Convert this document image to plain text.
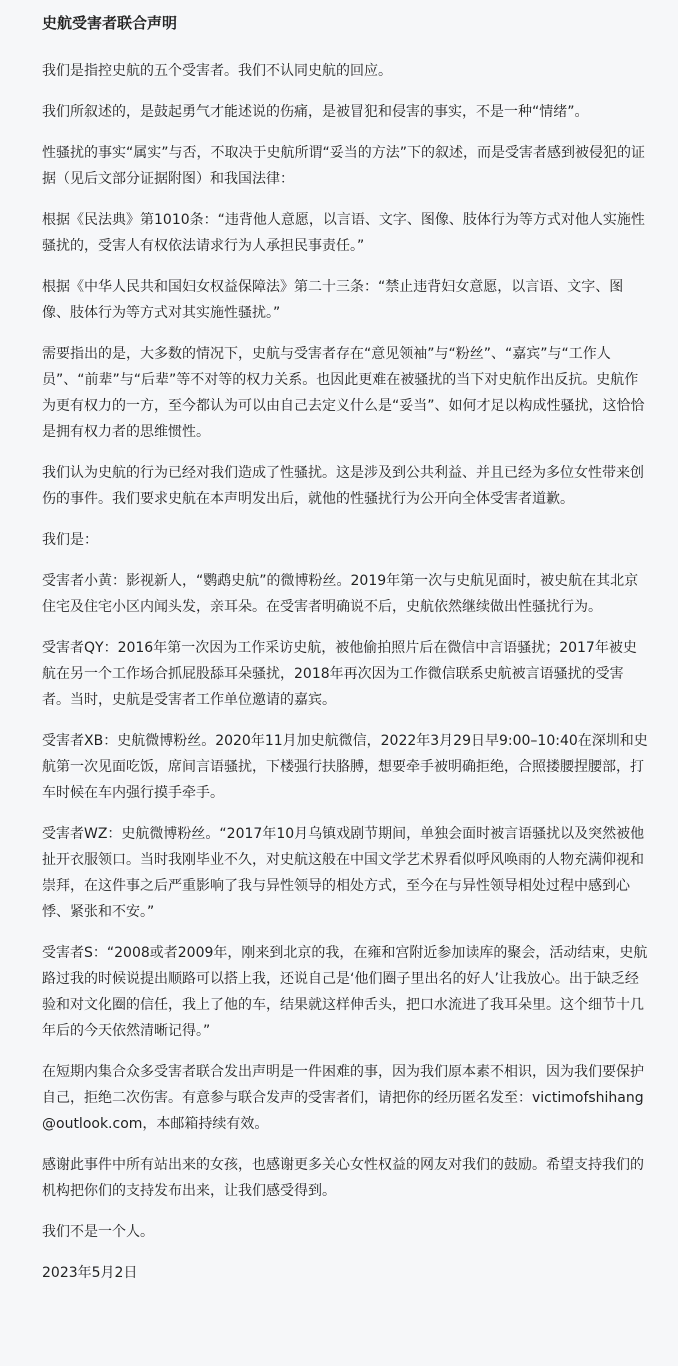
史航受害者联合声明

我们是指控史航的五个受害者。我们不认同史航的回应。

我们所叙述的，是鼓起勇气才能述说的伤痛，是被冒犯和侵害的事实，不是一种“情绪”。

性骚扰的事实“属实”与否，不取决于史航所谓“妥当的方法”下的叙述，而是受害者感到被侵犯的证据（见后文部分证据附图）和我国法律：

根据《民法典》第1010条：“违背他人意愿，以言语、文字、图像、肢体行为等方式对他人实施性骚扰的，受害人有权依法请求行为人承担民事责任。”

根据《中华人民共和国妇女权益保障法》第二十三条：“禁止违背妇女意愿，以言语、文字、图像、肢体行为等方式对其实施性骚扰。”

需要指出的是，大多数的情况下，史航与受害者存在“意见领袖”与“粉丝”、“嘉宾”与“工作人员”、“前辈”与“后辈”等不对等的权力关系。也因此更难在被骚扰的当下对史航作出反抗。史航作为更有权力的一方，至今都认为可以由自己去定义什么是“妥当”、如何才足以构成性骚扰，这恰恰是拥有权力者的思维惯性。

我们认为史航的行为已经对我们造成了性骚扰。这是涉及到公共利益、并且已经为多位女性带来创伤的事件。我们要求史航在本声明发出后，就他的性骚扰行为公开向全体受害者道歉。

我们是：

受害者小黄：影视新人，“鹦鹉史航”的微博粉丝。2019年第一次与史航见面时，被史航在其北京住宅及住宅小区内闻头发，亲耳朵。在受害者明确说不后，史航依然继续做出性骚扰行为。

受害者QY：2016年第一次因为工作采访史航，被他偷拍照片后在微信中言语骚扰；2017年被史航在另一个工作场合抓屁股舔耳朵骚扰，2018年再次因为工作微信联系史航被言语骚扰的受害者。当时，史航是受害者工作单位邀请的嘉宾。

受害者XB：史航微博粉丝。2020年11月加史航微信，2022年3月29日早9:00–10:40在深圳和史航第一次见面吃饭，席间言语骚扰，下楼强行扶胳膊，想要牵手被明确拒绝，合照搂腰捏腰部，打车时候在车内强行摸手牵手。

受害者WZ：史航微博粉丝。“2017年10月乌镇戏剧节期间，单独会面时被言语骚扰以及突然被他扯开衣服领口。当时我刚毕业不久，对史航这般在中国文学艺术界看似呼风唤雨的人物充满仰视和崇拜，在这件事之后严重影响了我与异性领导的相处方式，至今在与异性领导相处过程中感到心悸、紧张和不安。”

受害者S：“2008或者2009年，刚来到北京的我，在雍和宫附近参加读库的聚会，活动结束，史航路过我的时候说提出顺路可以搭上我，还说自己是‘他们圈子里出名的好人’让我放心。出于缺乏经验和对文化圈的信任，我上了他的车，结果就这样伸舌头，把口水流进了我耳朵里。这个细节十几年后的今天依然清晰记得。”

在短期内集合众多受害者联合发出声明是一件困难的事，因为我们原本素不相识，因为我们要保护自己，拒绝二次伤害。有意参与联合发声的受害者们，请把你的经历匿名发至：victimofshihang@outlook.com，本邮箱持续有效。

感谢此事件中所有站出来的女孩，也感谢更多关心女性权益的网友对我们的鼓励。希望支持我们的机构把你们的支持发布出来，让我们感受得到。

我们不是一个人。

2023年5月2日
